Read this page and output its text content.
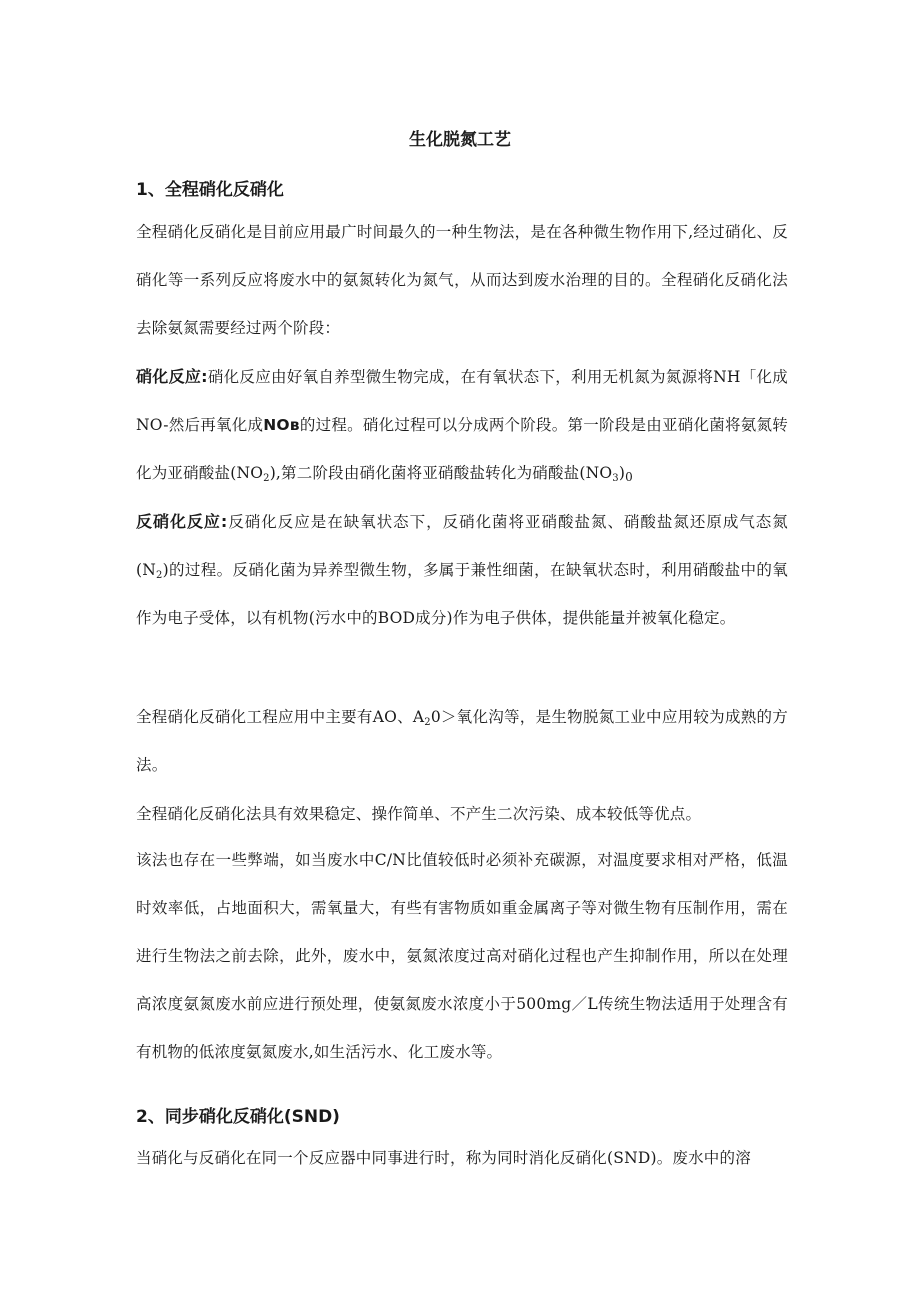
生化脱氮工艺
1、全程硝化反硝化

全程硝化反硝化是目前应用最广时间最久的一种生物法，是在各种微生物作用下,经过硝化、反硝化等一系列反应将废水中的氨氮转化为氮气，从而达到废水治理的目的。全程硝化反硝化法去除氨氮需要经过两个阶段：

硝化反应:硝化反应由好氧自养型微生物完成，在有氧状态下，利用无机氮为氮源将NH「化成NO-然后再氧化成NOв的过程。硝化过程可以分成两个阶段。第一阶段是由亚硝化菌将氨氮转化为亚硝酸盐$(NO_2)$,第二阶段由硝化菌将亚硝酸盐转化为硝酸盐$(NO_3)0$

反硝化反应:反硝化反应是在缺氧状态下，反硝化菌将亚硝酸盐氮、硝酸盐氮还原成气态氮$(N_2)$的过程。反硝化菌为异养型微生物，多属于兼性细菌，在缺氧状态时，利用硝酸盐中的氧作为电子受体，以有机物(污水中的BOD成分)作为电子供体，提供能量并被氧化稳定。

全程硝化反硝化工程应用中主要有AO、$A_20>$氧化沟等，是生物脱氮工业中应用较为成熟的方法。

全程硝化反硝化法具有效果稳定、操作简单、不产生二次污染、成本较低等优点。

该法也存在一些弊端，如当废水中C/N比值较低时必须补充碳源，对温度要求相对严格，低温时效率低，占地面积大，需氧量大，有些有害物质如重金属离子等对微生物有压制作用，需在进行生物法之前去除，此外，废水中，氨氮浓度过高对硝化过程也产生抑制作用，所以在处理高浓度氨氮废水前应进行预处理，使氨氮废水浓度小于500mg／L传统生物法适用于处理含有有机物的低浓度氨氮废水,如生活污水、化工废水等。

2、同步硝化反硝化(SND)

当硝化与反硝化在同一个反应器中同事进行时，称为同时消化反硝化(SND)。废水中的溶
